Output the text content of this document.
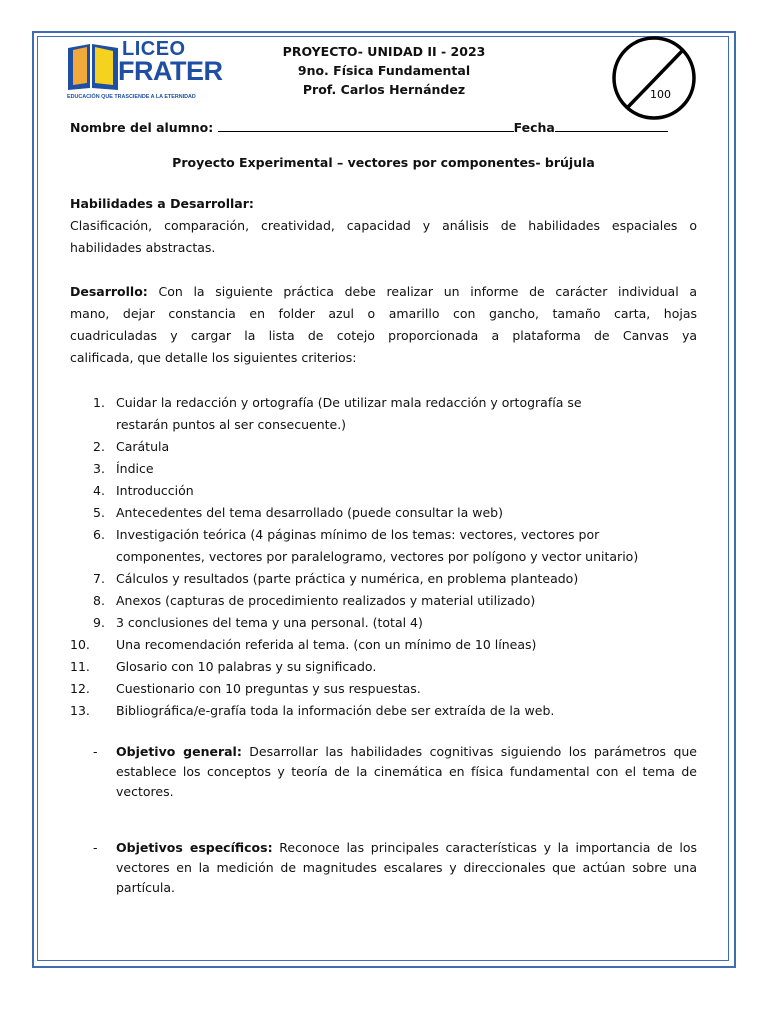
LICEO
FRATER
EDUCACIÓN QUE TRASCIENDE A LA ETERNIDAD
PROYECTO- UNIDAD II - 2023
9no. Física Fundamental
Prof. Carlos Hernández	100
Nombre del alumno:	Fecha
Proyecto Experimental – vectores por componentes- brújula
Habilidades a Desarrollar:
Clasificación, comparación, creatividad, capacidad y análisis de habilidades espaciales o
habilidades abstractas.
Desarrollo: Con la siguiente práctica debe realizar un informe de carácter individual a
mano, dejar constancia en folder azul o amarillo con gancho, tamaño carta, hojas
cuadriculadas y cargar la lista de cotejo proporcionada a plataforma de Canvas ya
calificada, que detalle los siguientes criterios:
1. Cuidar la redacción y ortografía (De utilizar mala redacción y ortografía se
restarán puntos al ser consecuente.)
2. Carátula
3. Índice
4. Introducción
5. Antecedentes del tema desarrollado (puede consultar la web)
6. Investigación teórica (4 páginas mínimo de los temas: vectores, vectores por
componentes, vectores por paralelogramo, vectores por polígono y vector unitario)
7. Cálculos y resultados (parte práctica y numérica, en problema planteado)
8. Anexos (capturas de procedimiento realizados y material utilizado)
9. 3 conclusiones del tema y una personal. (total 4)
10. Una recomendación referida al tema. (con un mínimo de 10 líneas)
11. Glosario con 10 palabras y su significado.
12. Cuestionario con 10 preguntas y sus respuestas.
13. Bibliográfica/e-grafía toda la información debe ser extraída de la web.
- Objetivo general: Desarrollar las habilidades cognitivas siguiendo los parámetros que establece los conceptos y teoría de la cinemática en física fundamental con el tema de vectores.
- Objetivos específicos: Reconoce las principales características y la importancia de los vectores en la medición de magnitudes escalares y direccionales que actúan sobre una partícula.
